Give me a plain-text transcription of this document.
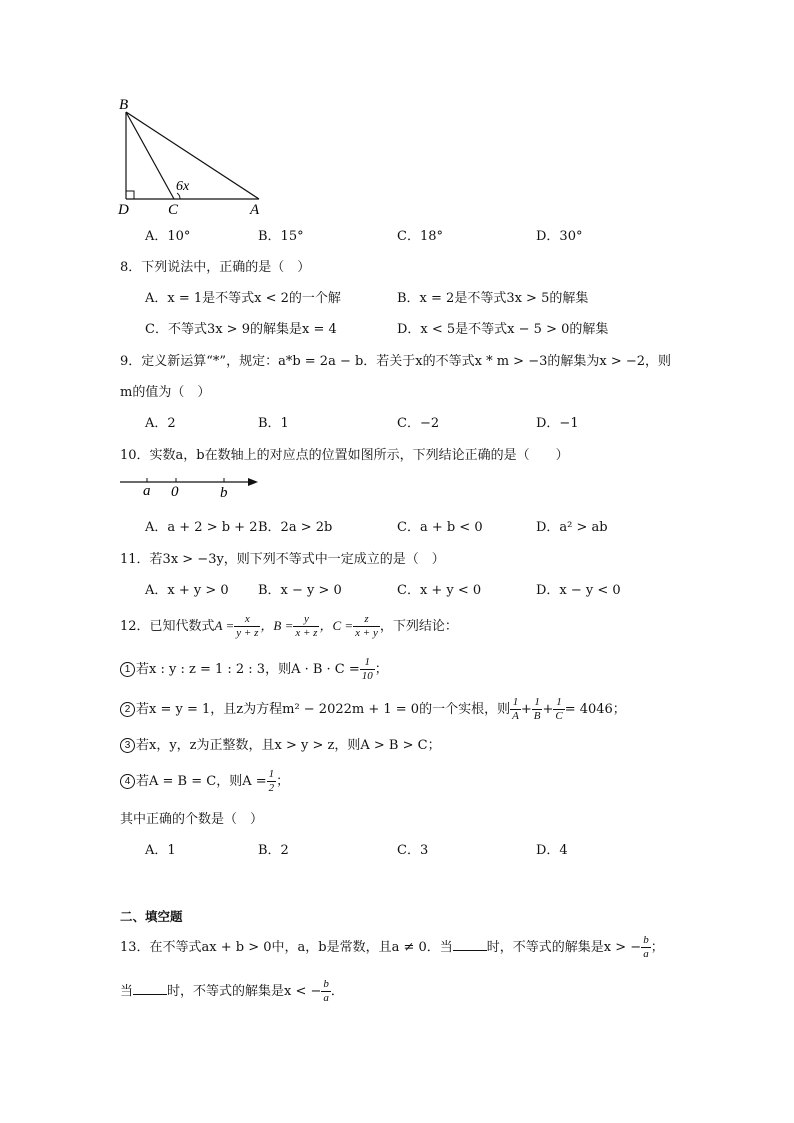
B
D	C	A
6x
A．10°	B．15°	C．18°	D．30°
8．下列说法中，正确的是（　）
A．x = 1是不等式x < 2的一个解	B．x = 2是不等式3x > 5的解集
C．不等式3x > 9的解集是x = 4	D．x < 5是不等式x − 5 > 0的解集
9．定义新运算“*”，规定：a*b = 2a − b．若关于x的不等式x * m > −3的解集为x > −2，则
m的值为（　）
A．2	B．1	C．−2	D．−1
10．实数a，b在数轴上的对应点的位置如图所示，下列结论正确的是（　　）
a 0	b
A．a + 2 > b + 2 B．2a > 2b	C．a + b < 0	D．a² > ab
11．若3x > −3y，则下列不等式中一定成立的是（　）
A．x + y > 0 B．x − y > 0	C．x + y < 0	D．x − y < 0
12．已知代数式$A = \frac{x}{y + z}$ ，$B = \frac{y}{x + z}$ ，$C = \frac{z}{x + y}$ ，下列结论：
1 若x : y : z = 1 : 2 : 3，则$A \cdot B \cdot C = \frac{1}{10}$ ；
2 若x = y = 1，且z为方程m² − 2022m + 1 = 0的一个实根，则 $\frac{1}{A} + \frac{1}{B} + \frac{1}{C} = 4046$；
3 若x，y，z为正整数，且x > y > z，则A > B > C；
4 若A = B = C，则$A = \frac{1}{2}$ ；
其中正确的个数是（　）
A．1	B．2	C．3	D．4
二、填空题
13．在不等式ax + b > 0中，a，b是常数，且a ≠ 0．当	时，不等式的解集是x > − $\frac{b}{a}$ ；
当	时，不等式的解集是x < − $\frac{b}{a}$ ．
